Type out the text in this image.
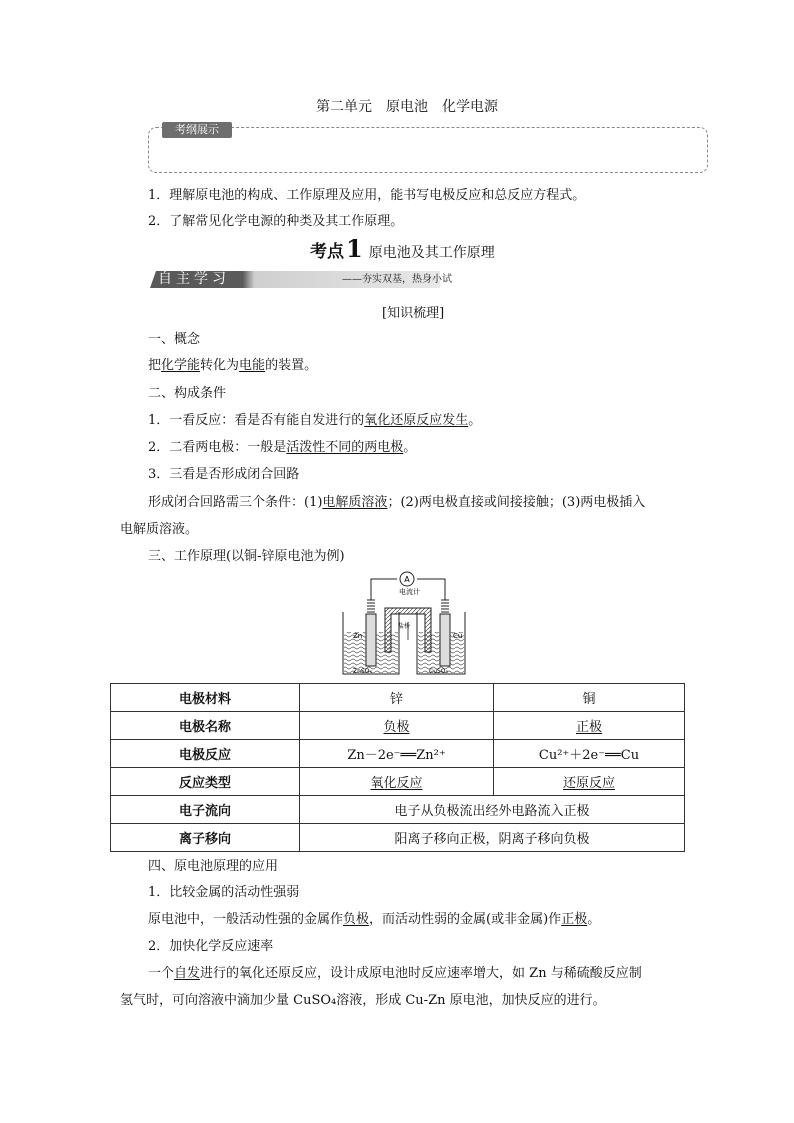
第二单元　原电池　化学电源
考纲展示
1．理解原电池的构成、工作原理及应用，能书写电极反应和总反应方程式。
2．了解常见化学电源的种类及其工作原理。
考点1 原电池及其工作原理
自主学习	——夯实双基，热身小试
[知识梳理]
一、概念
把化学能转化为电能的装置。
二、构成条件
1．一看反应：看是否有能自发进行的氧化还原反应发生。
2．二看两电极：一般是活泼性不同的两电极。
3．三看是否形成闭合回路
形成闭合回路需三个条件：(1)电解质溶液；(2)两电极直接或间接接触；(3)两电极插入
电解质溶液。
三、工作原理(以铜-锌原电池为例)
A
电流计
盐桥
Zn	Cu
ZnSO₄	CuSO₄
电极材料	锌	铜
电极名称	负极	正极
电极反应	Zn－2e⁻══Zn²⁺	Cu²⁺＋2e⁻══Cu
反应类型	氧化反应	还原反应
电子流向	电子从负极流出经外电路流入正极	
离子移向	阳离子移向正极，阴离子移向负极	
四、原电池原理的应用
1．比较金属的活动性强弱
原电池中，一般活动性强的金属作负极，而活动性弱的金属(或非金属)作正极。
2．加快化学反应速率
一个自发进行的氧化还原反应，设计成原电池时反应速率增大，如 Zn 与稀硫酸反应制
氢气时，可向溶液中滴加少量 CuSO₄溶液，形成 Cu-Zn 原电池，加快反应的进行。
